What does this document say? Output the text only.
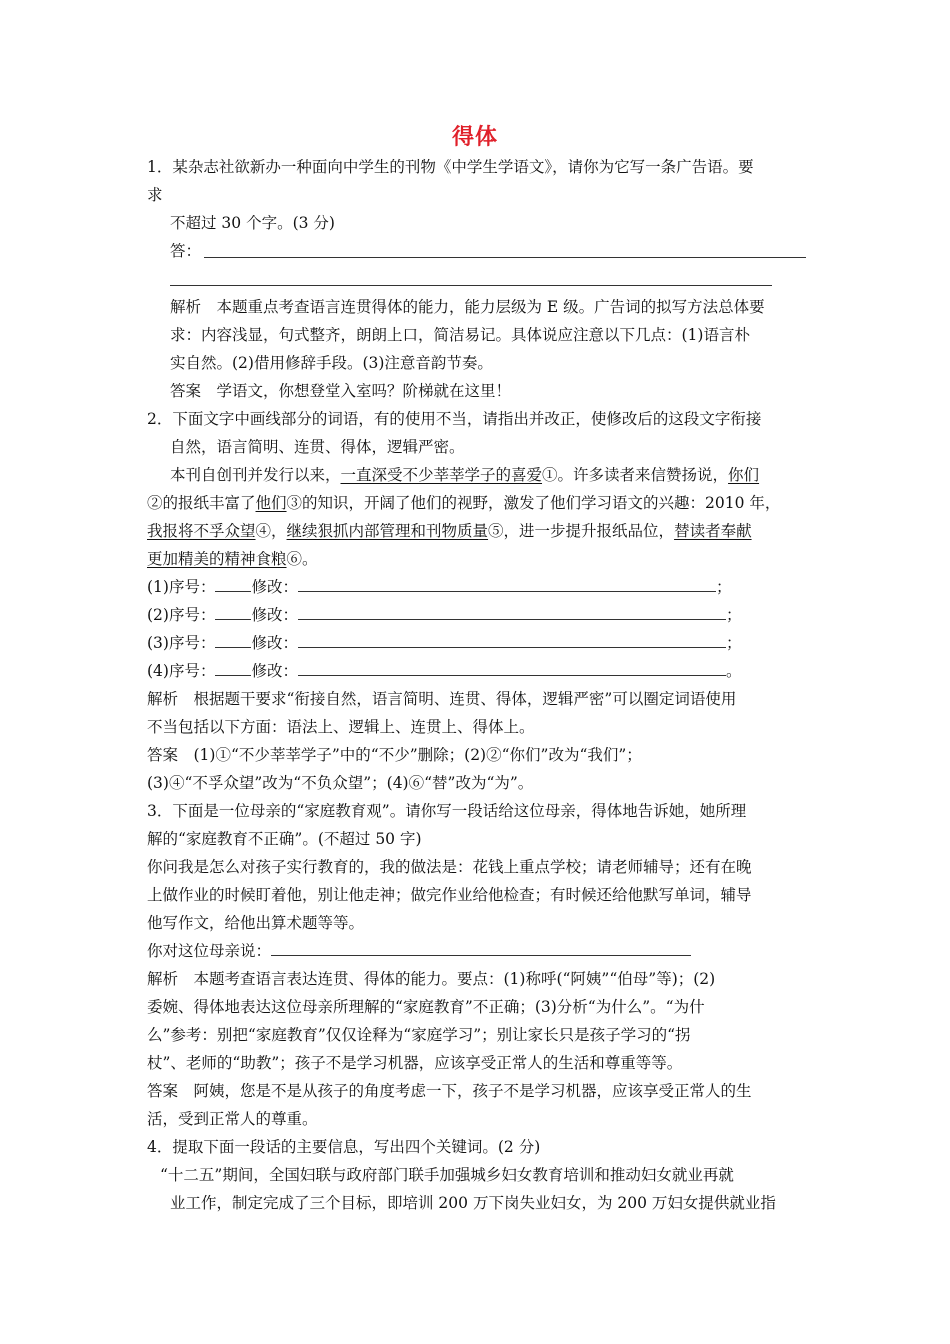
得体
1．某杂志社欲新办一种面向中学生的刊物《中学生学语文》，请你为它写一条广告语。要
求
不超过 30 个字。(3 分)
答：
解析　本题重点考查语言连贯得体的能力，能力层级为 E 级。广告词的拟写方法总体要
求：内容浅显，句式整齐，朗朗上口，简洁易记。具体说应注意以下几点：(1)语言朴
实自然。(2)借用修辞手段。(3)注意音韵节奏。
答案　学语文，你想登堂入室吗？阶梯就在这里！
2．下面文字中画线部分的词语，有的使用不当，请指出并改正，使修改后的这段文字衔接
自然，语言简明、连贯、得体，逻辑严密。
本刊自创刊并发行以来，一直深受不少莘莘学子的喜爱①。许多读者来信赞扬说，你们
②的报纸丰富了他们③的知识，开阔了他们的视野，激发了他们学习语文的兴趣：2010 年，
我报将不孚众望④，继续狠抓内部管理和刊物质量⑤，进一步提升报纸品位，替读者奉献
更加精美的精神食粮⑥。
(1)序号： 修改：	；
(2)序号： 修改：	；
(3)序号： 修改：	；
(4)序号： 修改：	。
解析　根据题干要求“衔接自然，语言简明、连贯、得体，逻辑严密”可以圈定词语使用
不当包括以下方面：语法上、逻辑上、连贯上、得体上。
答案　(1)①“不少莘莘学子”中的“不少”删除；(2)②“你们”改为“我们”；
(3)④“不孚众望”改为“不负众望”；(4)⑥“替”改为“为”。
3．下面是一位母亲的“家庭教育观”。请你写一段话给这位母亲，得体地告诉她，她所理
解的“家庭教育不正确”。(不超过 50 字)
你问我是怎么对孩子实行教育的，我的做法是：花钱上重点学校；请老师辅导；还有在晚
上做作业的时候盯着他，别让他走神；做完作业给他检查；有时候还给他默写单词，辅导
他写作文，给他出算术题等等。
你对这位母亲说：
解析　本题考查语言表达连贯、得体的能力。要点：(1)称呼(“阿姨”“伯母”等)；(2)
委婉、得体地表达这位母亲所理解的“家庭教育”不正确；(3)分析“为什么”。“为什
么”参考：别把“家庭教育”仅仅诠释为“家庭学习”；别让家长只是孩子学习的“拐
杖”、老师的“助教”；孩子不是学习机器，应该享受正常人的生活和尊重等等。
答案　阿姨，您是不是从孩子的角度考虑一下，孩子不是学习机器，应该享受正常人的生
活，受到正常人的尊重。
4．提取下面一段话的主要信息，写出四个关键词。(2 分)
“十二五”期间，全国妇联与政府部门联手加强城乡妇女教育培训和推动妇女就业再就
业工作，制定完成了三个目标，即培训 200 万下岗失业妇女，为 200 万妇女提供就业指
